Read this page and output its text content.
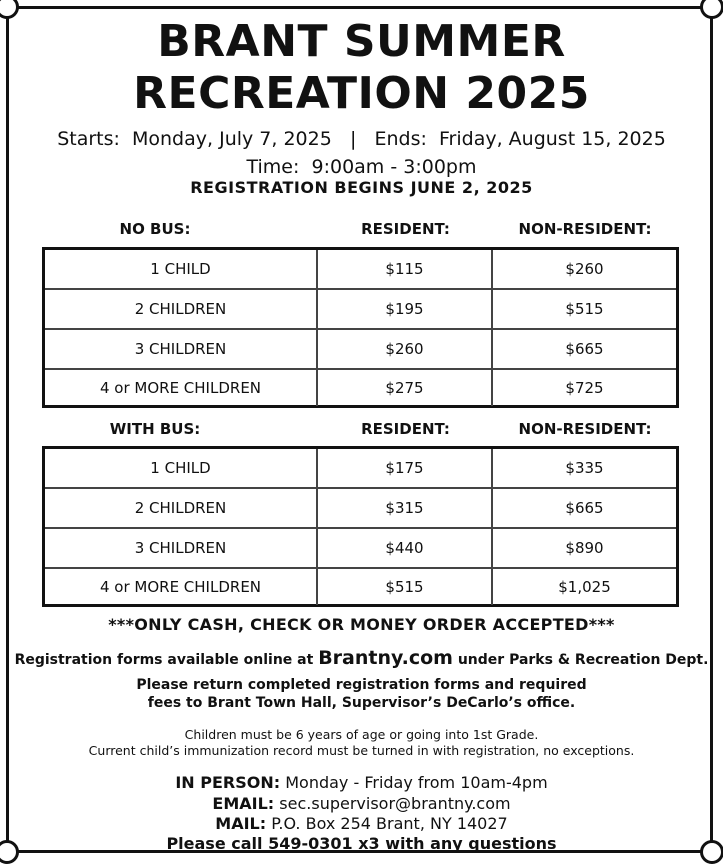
BRANT SUMMER
RECREATION 2025
Starts: Monday, July 7, 2025 | Ends: Friday, August 15, 2025
Time: 9:00am - 3:00pm
REGISTRATION BEGINS JUNE 2, 2025
NO BUS:	RESIDENT:	NON-RESIDENT:
1 CHILD	$115	$260
2 CHILDREN	$195	$515
3 CHILDREN	$260	$665
4 or MORE CHILDREN	$275	$725
WITH BUS:	RESIDENT:	NON-RESIDENT:
1 CHILD	$175	$335
2 CHILDREN	$315	$665
3 CHILDREN	$440	$890
4 or MORE CHILDREN	$515	$1,025
***ONLY CASH, CHECK OR MONEY ORDER ACCEPTED***
Registration forms available online at Brantny.com under Parks & Recreation Dept.
Please return completed registration forms and required
fees to Brant Town Hall, Supervisor’s DeCarlo’s office.
Children must be 6 years of age or going into 1st Grade.
Current child’s immunization record must be turned in with registration, no exceptions.
IN PERSON: Monday - Friday from 10am-4pm
EMAIL: sec.supervisor@brantny.com
MAIL: P.O. Box 254 Brant, NY 14027
Please call 549-0301 x3 with any questions
